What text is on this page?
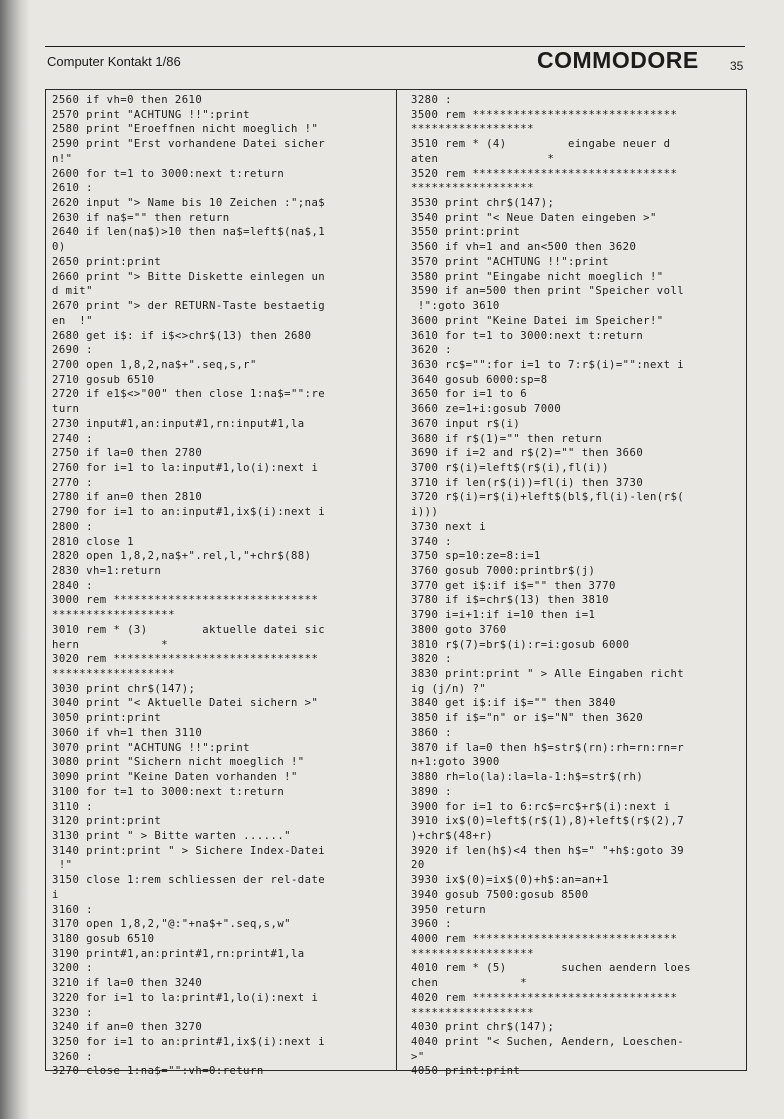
Computer Kontakt 1/86	COMMODORE	35
2560 if vh=0 then 2610
2570 print "ACHTUNG !!":print
2580 print "Eroeffnen nicht moeglich !"
2590 print "Erst vorhandene Datei sicher
n!"
2600 for t=1 to 3000:next t:return
2610 :
2620 input "> Name bis 10 Zeichen :";na$
2630 if na$="" then return
2640 if len(na$)>10 then na$=left$(na$,1
0)
2650 print:print
2660 print "> Bitte Diskette einlegen un
d mit"
2670 print "> der RETURN-Taste bestaetig
en  !"
2680 get i$: if i$<>chr$(13) then 2680
2690 :
2700 open 1,8,2,na$+".seq,s,r"
2710 gosub 6510
2720 if e1$<>"00" then close 1:na$="":re
turn
2730 input#1,an:input#1,rn:input#1,la
2740 :
2750 if la=0 then 2780
2760 for i=1 to la:input#1,lo(i):next i
2770 :
2780 if an=0 then 2810
2790 for i=1 to an:input#1,ix$(i):next i
2800 :
2810 close 1
2820 open 1,8,2,na$+".rel,l,"+chr$(88)
2830 vh=1:return
2840 :
3000 rem ******************************
******************
3010 rem * (3)        aktuelle datei sic
hern            *
3020 rem ******************************
******************
3030 print chr$(147);
3040 print "< Aktuelle Datei sichern >"
3050 print:print
3060 if vh=1 then 3110
3070 print "ACHTUNG !!":print
3080 print "Sichern nicht moeglich !"
3090 print "Keine Daten vorhanden !"
3100 for t=1 to 3000:next t:return
3110 :
3120 print:print
3130 print " > Bitte warten ......"
3140 print:print " > Sichere Index-Datei
!"
3150 close 1:rem schliessen der rel-date
i
3160 :
3170 open 1,8,2,"@:"+na$+".seq,s,w"
3180 gosub 6510
3190 print#1,an:print#1,rn:print#1,la
3200 :
3210 if la=0 then 3240
3220 for i=1 to la:print#1,lo(i):next i
3230 :
3240 if an=0 then 3270
3250 for i=1 to an:print#1,ix$(i):next i
3260 :
3270 close 1:na$="":vh=0:return
3280 :
3500 rem ******************************
******************
3510 rem * (4)         eingabe neuer d
aten                *
3520 rem ******************************
******************
3530 print chr$(147);
3540 print "< Neue Daten eingeben >"
3550 print:print
3560 if vh=1 and an<500 then 3620
3570 print "ACHTUNG !!":print
3580 print "Eingabe nicht moeglich !"
3590 if an=500 then print "Speicher voll
!":goto 3610
3600 print "Keine Datei im Speicher!"
3610 for t=1 to 3000:next t:return
3620 :
3630 rc$="":for i=1 to 7:r$(i)="":next i
3640 gosub 6000:sp=8
3650 for i=1 to 6
3660 ze=1+i:gosub 7000
3670 input r$(i)
3680 if r$(1)="" then return
3690 if i=2 and r$(2)="" then 3660
3700 r$(i)=left$(r$(i),fl(i))
3710 if len(r$(i))=fl(i) then 3730
3720 r$(i)=r$(i)+left$(bl$,fl(i)-len(r$(
i)))
3730 next i
3740 :
3750 sp=10:ze=8:i=1
3760 gosub 7000:printbr$(j)
3770 get i$:if i$="" then 3770
3780 if i$=chr$(13) then 3810
3790 i=i+1:if i=10 then i=1
3800 goto 3760
3810 r$(7)=br$(i):r=i:gosub 6000
3820 :
3830 print:print " > Alle Eingaben richt
ig (j/n) ?"
3840 get i$:if i$="" then 3840
3850 if i$="n" or i$="N" then 3620
3860 :
3870 if la=0 then h$=str$(rn):rh=rn:rn=r
n+1:goto 3900
3880 rh=lo(la):la=la-1:h$=str$(rh)
3890 :
3900 for i=1 to 6:rc$=rc$+r$(i):next i
3910 ix$(0)=left$(r$(1),8)+left$(r$(2),7
)+chr$(48+r)
3920 if len(h$)<4 then h$=" "+h$:goto 39
20
3930 ix$(0)=ix$(0)+h$:an=an+1
3940 gosub 7500:gosub 8500
3950 return
3960 :
4000 rem ******************************
******************
4010 rem * (5)        suchen aendern loes
chen            *
4020 rem ******************************
******************
4030 print chr$(147);
4040 print "< Suchen, Aendern, Loeschen-
>"
4050 print:print
